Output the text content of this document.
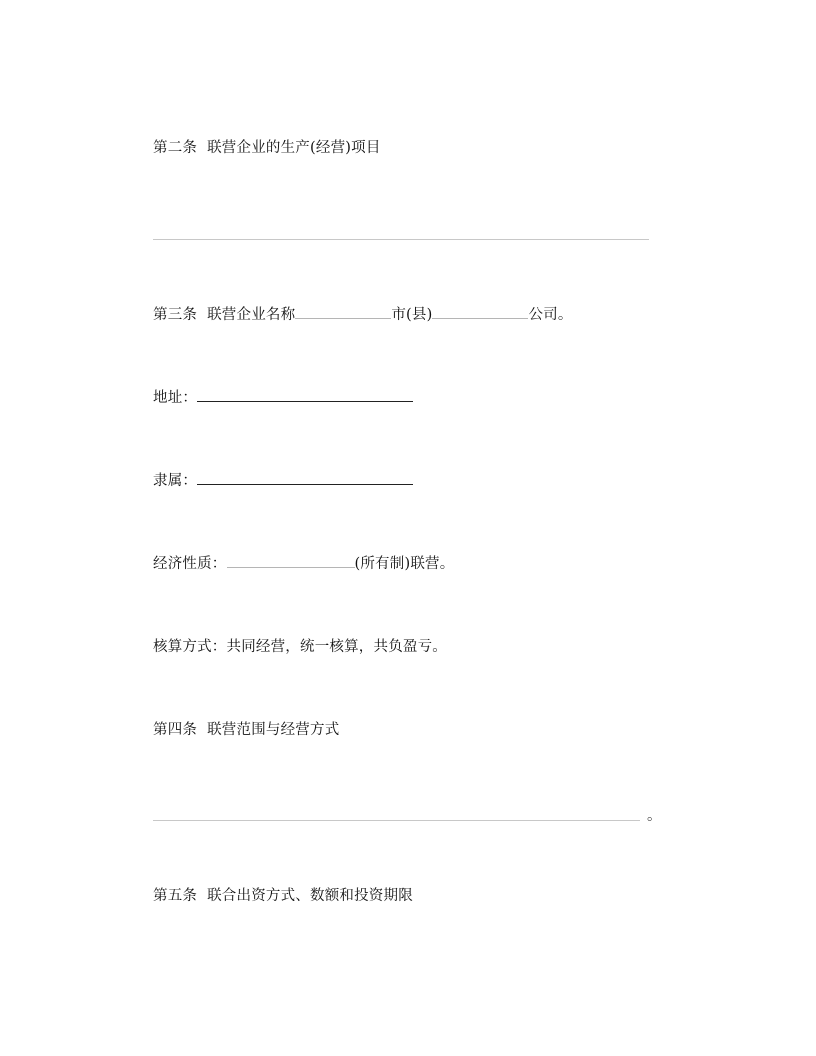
第二条 联营企业的生产(经营)项目
第三条 联营企业名称	市(县)	公司。
地址：
隶属：
经济性质：	(所有制)联营。
核算方式：共同经营，统一核算，共负盈亏。
第四条 联营范围与经营方式
。
第五条 联合出资方式、数额和投资期限
